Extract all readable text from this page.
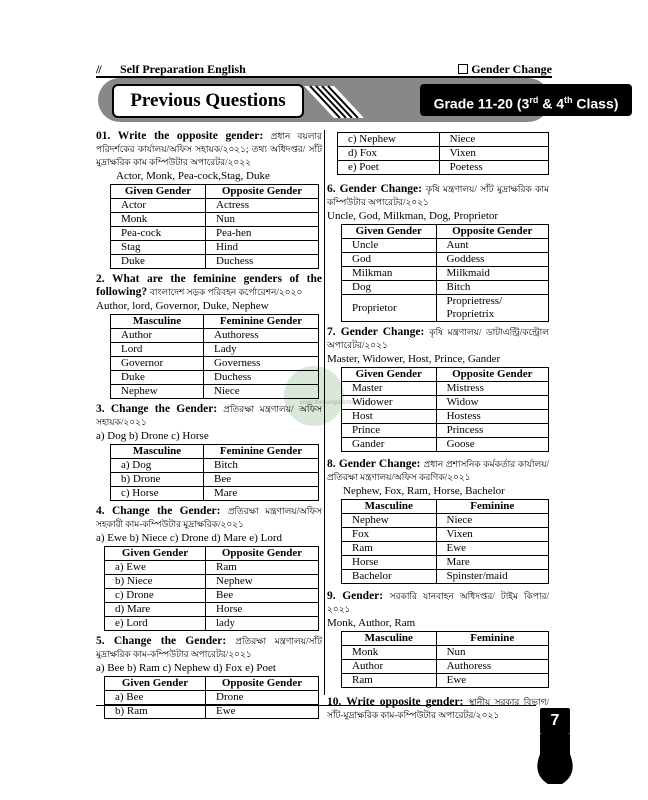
// Self Preparation English	Gender Change
Previous Questions	Grade 11-20 (3rd & 4th Class)
www.thebanglaschool.com

01. Write the opposite gender: প্রধান বয়লার পরিদর্শকের কার্যালয়/অফিস সহায়ক/২০২১; তথ্য অধিদপ্তর/ সাঁট মুদ্রাক্ষরিক কাম কম্পিউটার অপারেটর/২০২২

Actor, Monk, Pea-cock,Stag, Duke
Given Gender	Opposite Gender
Actor	Actress
Monk	Nun
Pea-cock	Pea-hen
Stag	Hind
Duke	Duchess

2. What are the feminine genders of the following? বাংলাদেশ সড়ক পরিবহন কর্পোরেশন/২০২০

Author, lord, Governor, Duke, Nephew
Masculine	Feminine Gender
Author	Authoress
Lord	Lady
Governor	Governess
Duke	Duchess
Nephew	Niece

3. Change the Gender: প্রতিরক্ষা মন্ত্রণালয়/ অফিস সহায়ক/২০২১

a) Dog b) Drone c) Horse
Masculine	Feminine Gender
a) Dog	Bitch
b) Drone	Bee
c) Horse	Mare

4. Change the Gender: প্রতিরক্ষা মন্ত্রণালয়/অফিস সহকারী কাম-কম্পিউটার মুদ্রাক্ষরিক/২০২১

a) Ewe b) Niece c) Drone d) Mare e) Lord
Given Gender	Opposite Gender
a) Ewe	Ram
b) Niece	Nephew
c) Drone	Bee
d) Mare	Horse
e) Lord	lady

5. Change the Gender: প্রতিরক্ষা মন্ত্রণালয়/সাঁট মুদ্রাক্ষরিক কাম-কম্পিউটার অপারেটর/২০২১

a) Bee b) Ram c) Nephew d) Fox e) Poet
Given Gender	Opposite Gender
a) Bee	Drone
b) Ram	Ewe
c) Nephew	Niece
d) Fox	Vixen
e) Poet	Poetess

6. Gender Change: কৃষি মন্ত্রণালয়/ সাঁট মুদ্রাক্ষরিক কাম কম্পিউটার অপারেটর/২০২১

Uncle, God, Milkman, Dog, Proprietor
Given Gender	Opposite Gender
Uncle	Aunt
God	Goddess
Milkman	Milkmaid
Dog	Bitch
Proprietor	Proprietress/
Proprietrix

7. Gender Change: কৃষি মন্ত্রণালয়/ ডাটাএন্ট্রি/কন্ট্রোল অপারেটর/২০২১

Master, Widower, Host, Prince, Gander
Given Gender	Opposite Gender
Master	Mistress
Widower	Widow
Host	Hostess
Prince	Princess
Gander	Goose

8. Gender Change: প্রধান প্রশাসনিক কর্মকর্তার কার্যালয়/ প্রতিরক্ষা মন্ত্রণালয়/অফিস করণিক/২০২১

Nephew, Fox, Ram, Horse, Bachelor
Masculine	Feminine
Nephew	Niece
Fox	Vixen
Ram	Ewe
Horse	Mare
Bachelor	Spinster/maid

9. Gender: সরকারি যানবাহন অধিদপ্তর/ টাইম কিপার/২০২১

Monk, Author, Ram
Masculine	Feminine
Monk	Nun
Author	Authoress
Ram	Ewe

10. Write opposite gender: স্থানীয় সরকার বিভাগ/ সাঁট-মুদ্রাক্ষরিক কাম-কম্পিউটার অপারেটর/২০২১	7
